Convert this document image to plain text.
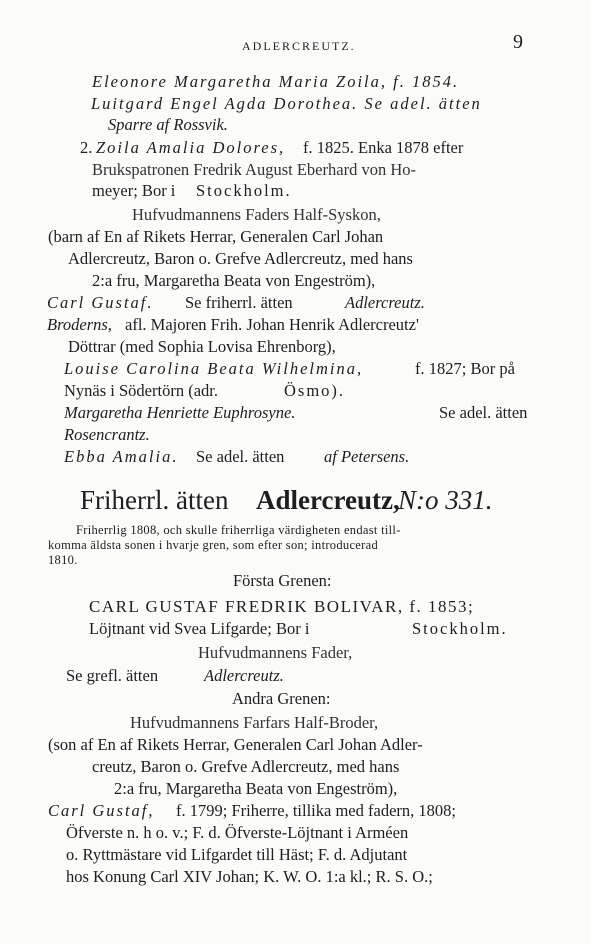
ADLERCREUTZ.	9
Eleonore Margaretha Maria Zoila, f. 1854.
Luitgard Engel Agda Dorothea. Se adel. ätten
Sparre af Rossvik.
2. Zoila Amalia Dolores, f. 1825. Enka 1878 efter
Brukspatronen Fredrik August Eberhard von Ho-
meyer; Bor i Stockholm.
Hufvudmannens Faders Half-Syskon,
(barn af En af Rikets Herrar, Generalen Carl Johan
Adlercreutz, Baron o. Grefve Adlercreutz, med hans
2:a fru, Margaretha Beata von Engeström),
Carl Gustaf. Se friherrl. ätten	Adlercreutz.
Broderns, afl. Majoren Frih. Johan Henrik Adlercreutz'
Döttrar (med Sophia Lovisa Ehrenborg),
Louise Carolina Beata Wilhelmina,	f. 1827; Bor på
Nynäs i Södertörn (adr.	Ösmo).
Margaretha Henriette Euphrosyne.	Se adel. ätten
Rosencrantz.
Ebba Amalia. Se adel. ätten af Petersens.
Friherrl. ätten Adlercreutz,
N:o 331.
Friherrlig 1808, och skulle friherrliga värdigheten endast till-
komma äldsta sonen i hvarje gren, som efter son; introducerad
1810.
Första Grenen:
CARL GUSTAF FREDRIK BOLIVAR, f. 1853;
Löjtnant vid Svea Lifgarde; Bor i	Stockholm.
Hufvudmannens Fader,
Se grefl. ätten	Adlercreutz.
Andra Grenen:
Hufvudmannens Farfars Half-Broder,
(son af En af Rikets Herrar, Generalen Carl Johan Adler-
creutz, Baron o. Grefve Adlercreutz, med hans
2:a fru, Margaretha Beata von Engeström),
Carl Gustaf, f. 1799; Friherre, tillika med fadern, 1808;
Öfverste n. h o. v.; F. d. Öfverste-Löjtnant i Arméen
o. Ryttmästare vid Lifgardet till Häst; F. d. Adjutant
hos Konung Carl XIV Johan; K. W. O. 1:a kl.; R. S. O.;
